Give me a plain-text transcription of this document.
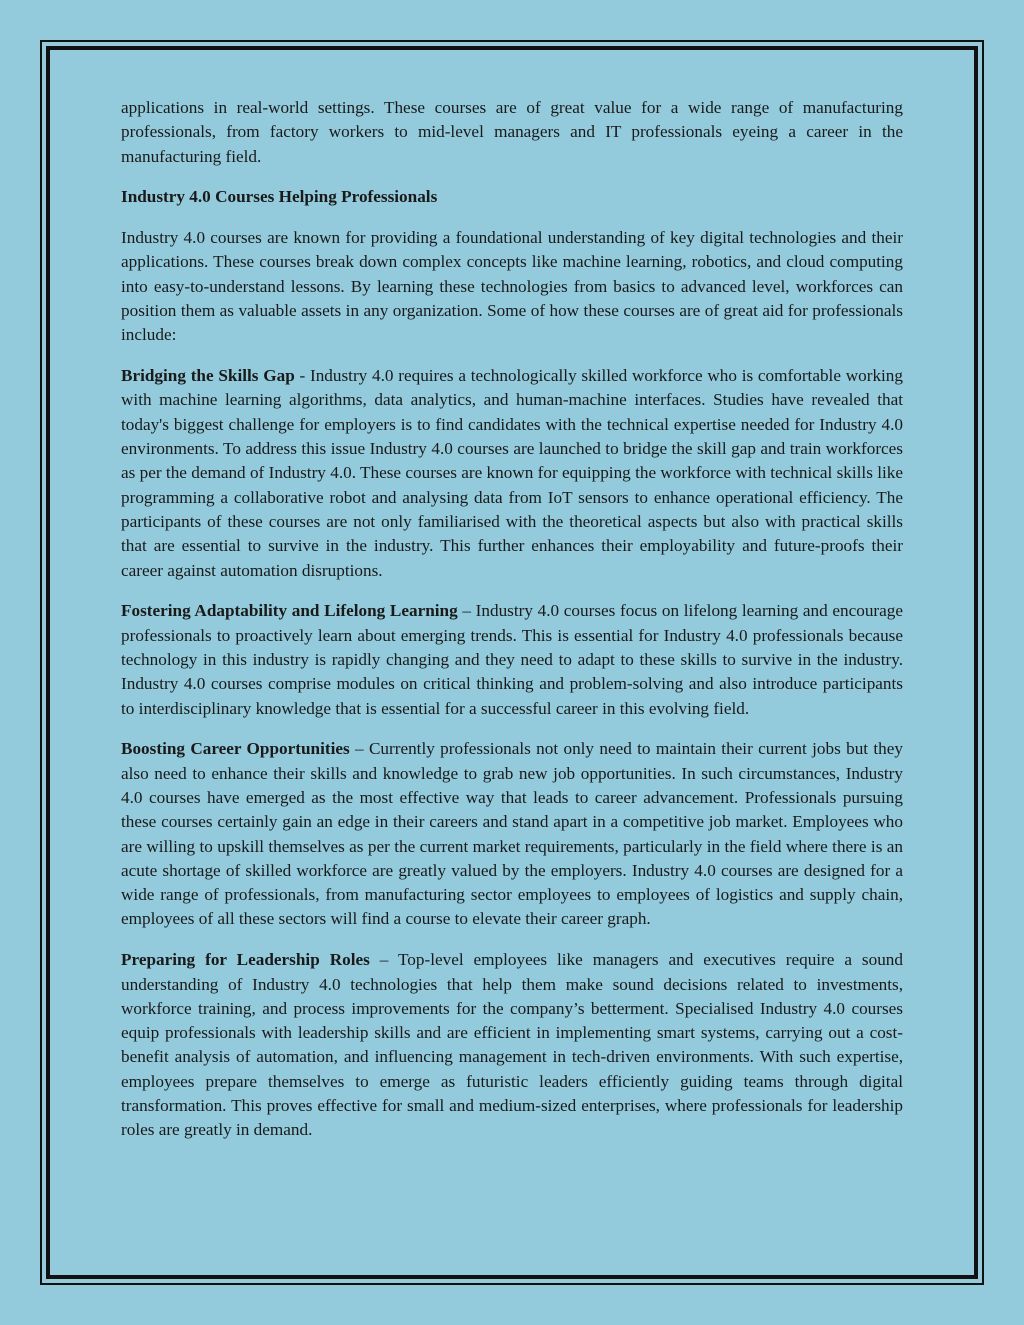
applications in real-world settings. These courses are of great value for a wide range of manufacturing professionals, from factory workers to mid-level managers and IT professionals eyeing a career in the manufacturing field.

Industry 4.0 Courses Helping Professionals

Industry 4.0 courses are known for providing a foundational understanding of key digital technologies and their applications. These courses break down complex concepts like machine learning, robotics, and cloud computing into easy-to-understand lessons. By learning these technologies from basics to advanced level, workforces can position them as valuable assets in any organization. Some of how these courses are of great aid for professionals include:

Bridging the Skills Gap - Industry 4.0 requires a technologically skilled workforce who is comfortable working with machine learning algorithms, data analytics, and human-machine interfaces. Studies have revealed that today's biggest challenge for employers is to find candidates with the technical expertise needed for Industry 4.0 environments. To address this issue Industry 4.0 courses are launched to bridge the skill gap and train workforces as per the demand of Industry 4.0. These courses are known for equipping the workforce with technical skills like programming a collaborative robot and analysing data from IoT sensors to enhance operational efficiency. The participants of these courses are not only familiarised with the theoretical aspects but also with practical skills that are essential to survive in the industry. This further enhances their employability and future-proofs their career against automation disruptions.

Fostering Adaptability and Lifelong Learning – Industry 4.0 courses focus on lifelong learning and encourage professionals to proactively learn about emerging trends. This is essential for Industry 4.0 professionals because technology in this industry is rapidly changing and they need to adapt to these skills to survive in the industry. Industry 4.0 courses comprise modules on critical thinking and problem-solving and also introduce participants to interdisciplinary knowledge that is essential for a successful career in this evolving field.

Boosting Career Opportunities – Currently professionals not only need to maintain their current jobs but they also need to enhance their skills and knowledge to grab new job opportunities. In such circumstances, Industry 4.0 courses have emerged as the most effective way that leads to career advancement. Professionals pursuing these courses certainly gain an edge in their careers and stand apart in a competitive job market. Employees who are willing to upskill themselves as per the current market requirements, particularly in the field where there is an acute shortage of skilled workforce are greatly valued by the employers. Industry 4.0 courses are designed for a wide range of professionals, from manufacturing sector employees to employees of logistics and supply chain, employees of all these sectors will find a course to elevate their career graph.

Preparing for Leadership Roles – Top-level employees like managers and executives require a sound understanding of Industry 4.0 technologies that help them make sound decisions related to investments, workforce training, and process improvements for the company’s betterment. Specialised Industry 4.0 courses equip professionals with leadership skills and are efficient in implementing smart systems, carrying out a cost-benefit analysis of automation, and influencing management in tech-driven environments. With such expertise, employees prepare themselves to emerge as futuristic leaders efficiently guiding teams through digital transformation. This proves effective for small and medium-sized enterprises, where professionals for leadership roles are greatly in demand.
